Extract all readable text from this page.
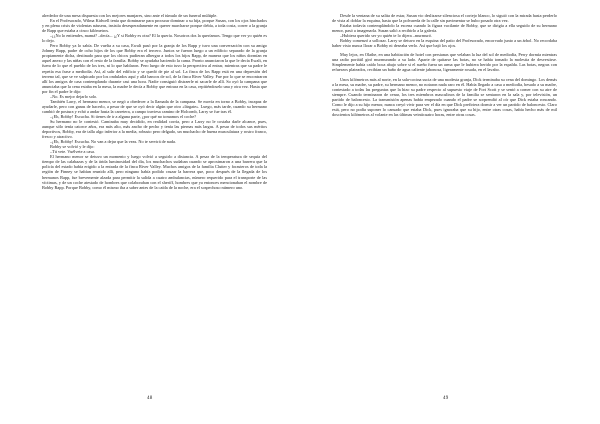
alrededor de una mesa dispuesta con los mejores manjares, sino ante el túmulo de un funeral múltiple.

En el Profesorado, Wilma Kidwell tenía que dominarse para procurar dominar a su hija, porque Susan, con los ojos hinchados y en plena crisis de violentas náuseas, insistía desesperadamente en querer marcharse porque debía, a toda costa, correr a la granja de Rapp que estaba a cinco kilómetros.

–¡¿No lo entiendes, mamá? –decía–. ¡¿Y si Bobby es otra? El la quería. Nosotros dos la queríamos. Tengo que ver yo quién es lo dejo.

Pero Bobby ya lo sabía. De vuelta a su casa, Ewalt pasó por la granja de los Rapp y tuvo una conversación con su amigo Johnny Rapp, padre de ocho hijos de los que Bobby era el tercero. Juntos se fueron luego a un edificio separado de la granja propiamente dicha, destinado para que los chicos pudieran albergar a todos los hijos Rapp, de manera que los niños dormían en aquel anexo y las niñas con el resto de la familia. Bobby se ayudaba haciendo la cama. Pronto anunciaron la que le decía Ewalt, en fuera de lo que el pueblo de los tres, ni lo que hablaron. Pero luego de esto tuvo la perspectiva al entrar, mientras que su padre le repetía esa frase a mediodía. Así, al salir del edificio y se quedó de pie al sol. La finca de los Rapp está en una depresión del terreno tal, que se ve salpicado por los ondulados aquí y allá bancos de sol, de la finca River Valley. Fue por lo que se encontraron allí los amigos de casa contemplando durante casi una hora. Nadie consiguió distraerle ni sacarle de allí. So oyó la campana que anunciaba que la cena estaba en la mesa, la madre le decía a Bobby que entrara en la casa, repitiéndoselo una y otra vez. Hasta que por fin el padre le dijo:

–No. Es mejor dejarlo solo.

También Larry, el hermano menor, se negó a obedecer a la llamada de la campana. Se movía en torno a Bobby, incapaz de ayudarle, pero con ganas de hacerlo, a pesar de que se oyó decir algún que otro «lárgate». Luego, más tarde, cuando su hermano cambió de postura y echó a andar hasta la carretera, a campo traviesa camino de Holcomb, Larry se fue tras él.

–¡Eh, Bobby! Escucha. Si tienes de ir a alguna parte, ¿por qué no tomamos el coche?

Su hermano no le contestó. Caminaba muy decidido, en realidad corría, pero a Larry no le costaba darle alcance, pues, aunque sólo tenía catorce años, era más alto, más ancho de pecho y tenía las piernas más largas. A pesar de todos sus méritos deportivos, Bobby, era de talla algo inferior a la media, robusto pero delgado, un muchacho de buena musculatura y rostro franco, fresco y atractivo.

–¡Eh, Bobby! Escucha. No van a dejar que la veas. No te servirá de nada.

Bobby se volvió y le dijo:

–Tú vete. Vuélvete a casa.

El hermano menor se detuvo un momento y luego volvió a seguirlo a distancia. A pesar de la temperatura de sequía del tiempo de las calabazas y de la árida luminosidad del día, los muchachos sudaban cuando se aproximaron a una barrera que la policía del estado había erigido a la entrada de la finca River Valley. Muchos amigos de la familia Clutter y forasteros de toda la región de Finney se habían reunido allí, pero ninguno había podido cruzar la barrera que, poco después de la llegada de los hermanos Rapp, fue brevemente alzada para permitir la salida a cuatro ambulancias, número requerido para el transporte de las víctimas, y de un coche atestado de hombres que colaboraban con el sheriff, hombres que ya entonces mencionaban el nombre de Bobby Rapp. Porque Bobby, como él mismo iba a saber antes de la caída de la noche, era el sospechoso número uno.

48

Desde la ventana de su salita de estar, Susan vio deslizarse silenciosa el cortejo blanco, lo siguió con la mirada hasta perderlo de vista al doblar la esquina, hasta que la polvareda de la calle sin pavimentar se hubo posado otra vez.

Estaba todavía contemplándolo la escena cuando la figura vacilante de Bobby, que se dirigía a ella seguido de su hermano menor, pasó a imagenarla. Susan salió a recibirlo a la galería.

–Hubiera querido ser yo quién te lo dijera –murmuró.

Bobby comenzó a sollozar. Larry se detuvo en la esquina del patio del Profesorado, encorvado junto a un árbol. No recordaba haber visto nunca llorar a Bobby ni deseaba verlo. Así que bajó los ojos.

Muy lejos, en Olathe, en una habitación de hotel con persianas que velaban la luz del sol de mediodía, Perry dormía mientras una radio portátil giró murmurando a su lado. Aparte de quitarse las botas, no se había tomado la molestia de desvestirse. Simplemente había caído boca abajo sobre si el sueño fuera un arma que le hubiera herido por la espalda. Las botas, negras con refuerzos plateados, recibían un baño de agua caliente jabonosa, ligeramente rosada, en el lavabo.

Unos kilómetros más al norte, en la sala-cocina sucia de una modesta granja, Dick terminaba su cena del domingo. Los demás a la mesa, su madre, su padre, su hermano menor, no notaron nada raro en él. Había llegado a casa a mediodía, besado a su madre, contestado a todas las preguntas que la hizo su padre respecto al supuesto viaje de Fort Scott y se sentó a comer con su aire de siempre. Cuando terminaron de cenar, los tres miembros masculinos de la familia se sentaron en la sala y, por televisión, un partido de baloncesto. La transmisión apenas había empezado cuando el padre se sorprendió al oír que Dick estaba roncando. Como le dijo a su hijo menor, nunca creyó vivir para ver el día en que Dick prefiriera dormir a ver un partido de baloncesto. Claro está, pero no podía suponer lo cansado que estaba Dick, pues ignoraba que su hijo, entre otras cosas, había hecho más de mil doscientos kilómetros al volante en las últimas veinticuatro horas, entre otras cosas.

49
